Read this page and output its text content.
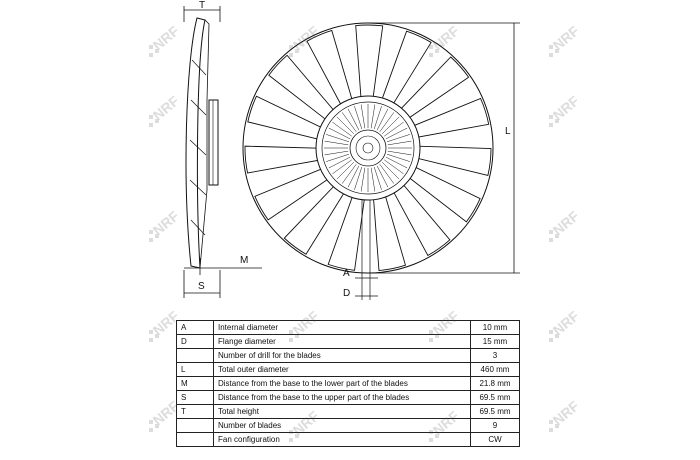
T
M
S
L
A
D
A	Internal diameter	10 mm
D	Flange diameter	15 mm
	Number of drill for the blades	3
L	Total outer diameter	460 mm
M	Distance from the base to the lower part of the blades	21.8 mm
S	Distance from the base to the upper part of the blades	69.5 mm
T	Total height	69.5 mm
	Number of blades	9
	Fan configuration	CW
NRF	NRF	NRF	NRF
NRF	NRF
NRF	NRF
NRF	NRF	NRF	NRF
NRF	NRF
NRF	NRF
